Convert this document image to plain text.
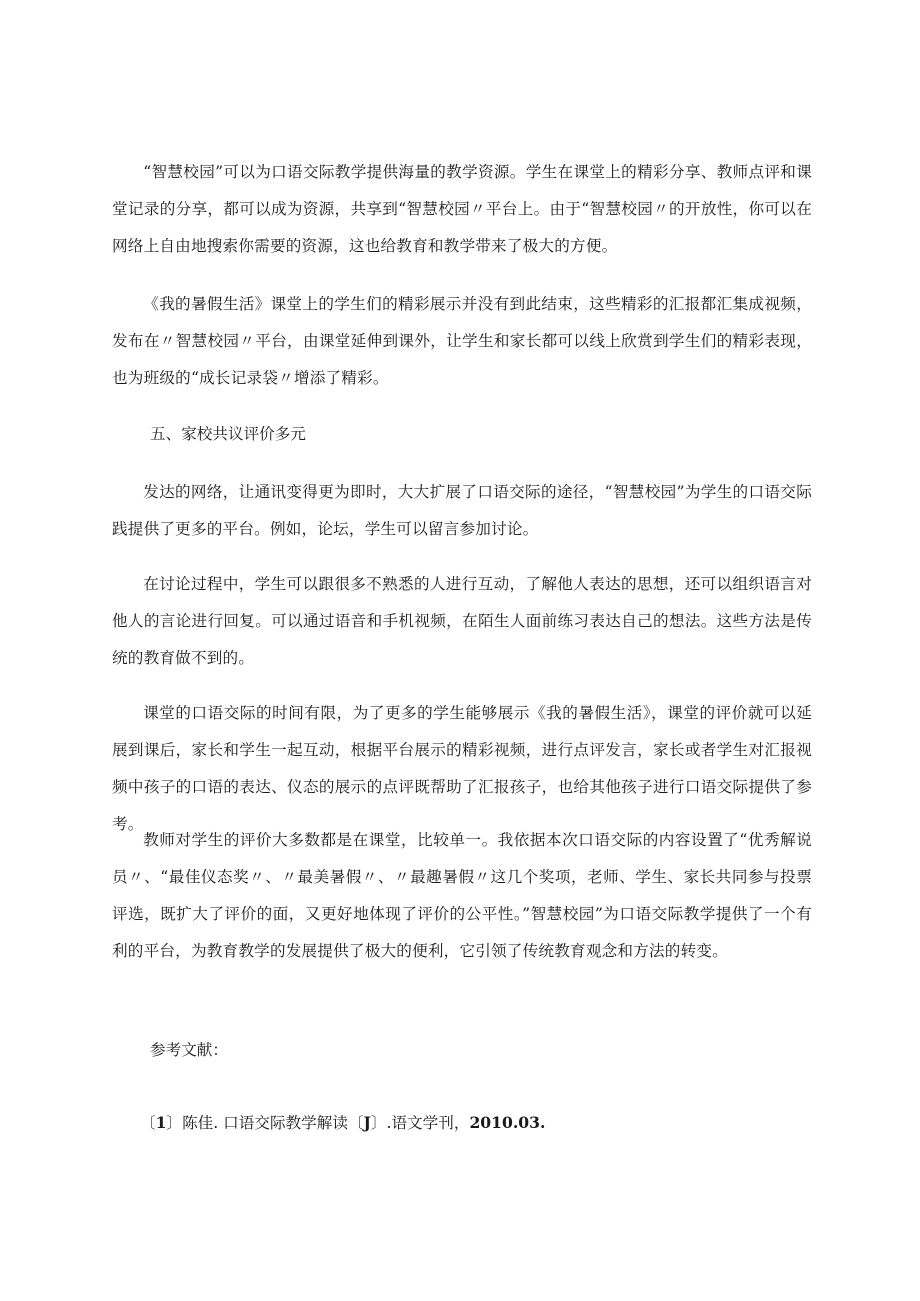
“智慧校园”可以为口语交际教学提供海量的教学资源。学生在课堂上的精彩分享、教师点评和课堂记录的分享，都可以成为资源，共享到“智慧校园〃平台上。由于“智慧校园〃的开放性，你可以在网络上自由地搜索你需要的资源，这也给教育和教学带来了极大的方便。

《我的暑假生活》课堂上的学生们的精彩展示并没有到此结束，这些精彩的汇报都汇集成视频，发布在〃智慧校园〃平台，由课堂延伸到课外，让学生和家长都可以线上欣赏到学生们的精彩表现，也为班级的“成长记录袋〃增添了精彩。

五、家校共议评价多元

发达的网络，让通讯变得更为即时，大大扩展了口语交际的途径，“智慧校园”为学生的口语交际践提供了更多的平台。例如，论坛，学生可以留言参加讨论。

在讨论过程中，学生可以跟很多不熟悉的人进行互动，了解他人表达的思想，还可以组织语言对他人的言论进行回复。可以通过语音和手机视频，在陌生人面前练习表达自己的想法。这些方法是传统的教育做不到的。

课堂的口语交际的时间有限，为了更多的学生能够展示《我的暑假生活》，课堂的评价就可以延展到课后，家长和学生一起互动，根据平台展示的精彩视频，进行点评发言，家长或者学生对汇报视频中孩子的口语的表达、仪态的展示的点评既帮助了汇报孩子，也给其他孩子进行口语交际提供了参考。

教师对学生的评价大多数都是在课堂，比较单一。我依据本次口语交际的内容设置了“优秀解说员〃、“最佳仪态奖〃、〃最美暑假〃、〃最趣暑假〃这几个奖项，老师、学生、家长共同参与投票评选，既扩大了评价的面，又更好地体现了评价的公平性。”智慧校园”为口语交际教学提供了一个有利的平台，为教育教学的发展提供了极大的便利，它引领了传统教育观念和方法的转变。

参考文献：

〔1〕陈佳. 口语交际教学解读〔J〕.语文学刊，2010.03.
